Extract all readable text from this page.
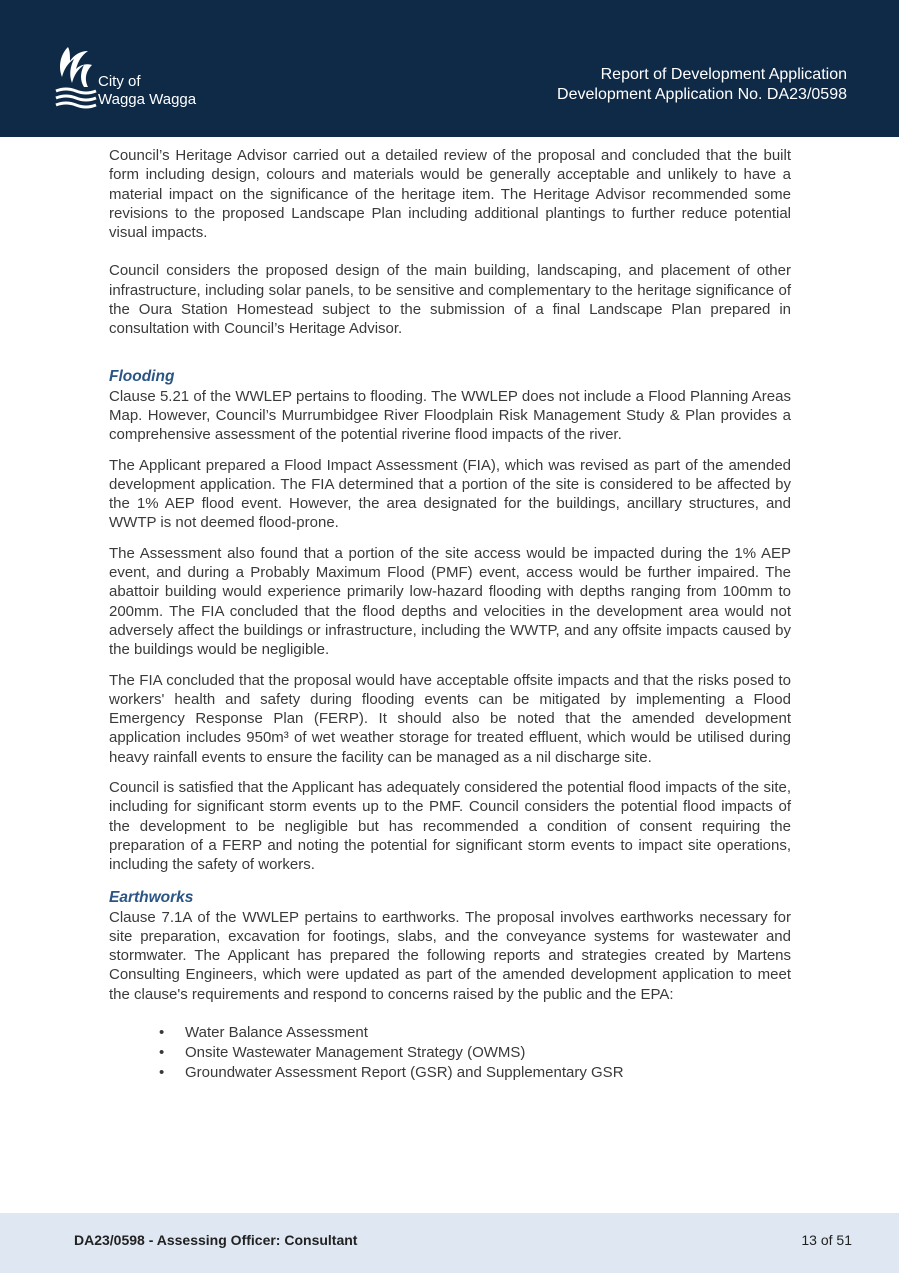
City of
Wagga Wagga
Report of Development Application
Development Application No. DA23/0598

Council’s Heritage Advisor carried out a detailed review of the proposal and concluded that the built form including design, colours and materials would be generally acceptable and unlikely to have a material impact on the significance of the heritage item. The Heritage Advisor recommended some revisions to the proposed Landscape Plan including additional plantings to further reduce potential visual impacts.

Council considers the proposed design of the main building, landscaping, and placement of other infrastructure, including solar panels, to be sensitive and complementary to the heritage significance of the Oura Station Homestead subject to the submission of a final Landscape Plan prepared in consultation with Council’s Heritage Advisor.

Flooding

Clause 5.21 of the WWLEP pertains to flooding. The WWLEP does not include a Flood Planning Areas Map. However, Council’s Murrumbidgee River Floodplain Risk Management Study & Plan provides a comprehensive assessment of the potential riverine flood impacts of the river.

The Applicant prepared a Flood Impact Assessment (FIA), which was revised as part of the amended development application. The FIA determined that a portion of the site is considered to be affected by the 1% AEP flood event. However, the area designated for the buildings, ancillary structures, and WWTP is not deemed flood-prone.

The Assessment also found that a portion of the site access would be impacted during the 1% AEP event, and during a Probably Maximum Flood (PMF) event, access would be further impaired. The abattoir building would experience primarily low-hazard flooding with depths ranging from 100mm to 200mm. The FIA concluded that the flood depths and velocities in the development area would not adversely affect the buildings or infrastructure, including the WWTP, and any offsite impacts caused by the buildings would be negligible.

The FIA concluded that the proposal would have acceptable offsite impacts and that the risks posed to workers' health and safety during flooding events can be mitigated by implementing a Flood Emergency Response Plan (FERP). It should also be noted that the amended development application includes 950m³ of wet weather storage for treated effluent, which would be utilised during heavy rainfall events to ensure the facility can be managed as a nil discharge site.

Council is satisfied that the Applicant has adequately considered the potential flood impacts of the site, including for significant storm events up to the PMF. Council considers the potential flood impacts of the development to be negligible but has recommended a condition of consent requiring the preparation of a FERP and noting the potential for significant storm events to impact site operations, including the safety of workers.

Earthworks

Clause 7.1A of the WWLEP pertains to earthworks. The proposal involves earthworks necessary for site preparation, excavation for footings, slabs, and the conveyance systems for wastewater and stormwater. The Applicant has prepared the following reports and strategies created by Martens Consulting Engineers, which were updated as part of the amended development application to meet the clause's requirements and respond to concerns raised by the public and the EPA:

• Water Balance Assessment
• Onsite Wastewater Management Strategy (OWMS)
• Groundwater Assessment Report (GSR) and Supplementary GSR
DA23/0598 - Assessing Officer: Consultant	13 of 51
